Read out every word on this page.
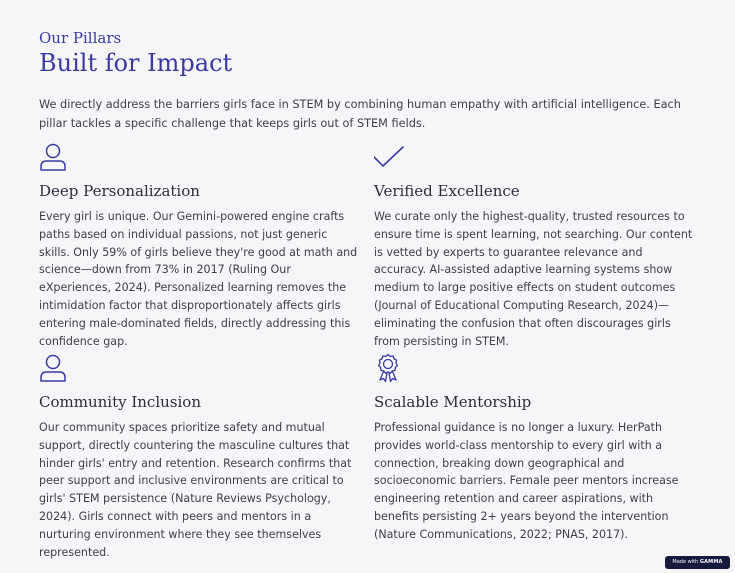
Our Pillars
Built for Impact
We directly address the barriers girls face in STEM by combining human empathy with artificial intelligence. Each pillar tackles a specific challenge that keeps girls out of STEM fields.
Deep Personalization

Every girl is unique. Our Gemini-powered engine crafts paths based on individual passions, not just generic skills. Only 59% of girls believe they're good at math and science—down from 73% in 2017 (Ruling Our eXperiences, 2024). Personalized learning removes the intimidation factor that disproportionately affects girls entering male-dominated fields, directly addressing this confidence gap.

Verified Excellence

We curate only the highest-quality, trusted resources to ensure time is spent learning, not searching. Our content is vetted by experts to guarantee relevance and accuracy. AI-assisted adaptive learning systems show medium to large positive effects on student outcomes (Journal of Educational Computing Research, 2024)—eliminating the confusion that often discourages girls from persisting in STEM.

Community Inclusion

Our community spaces prioritize safety and mutual support, directly countering the masculine cultures that hinder girls' entry and retention. Research confirms that peer support and inclusive environments are critical to girls' STEM persistence (Nature Reviews Psychology, 2024). Girls connect with peers and mentors in a nurturing environment where they see themselves represented.

Scalable Mentorship

Professional guidance is no longer a luxury. HerPath provides world-class mentorship to every girl with a connection, breaking down geographical and socioeconomic barriers. Female peer mentors increase engineering retention and career aspirations, with benefits persisting 2+ years beyond the intervention (Nature Communications, 2022; PNAS, 2017).

Made with GAMMA
